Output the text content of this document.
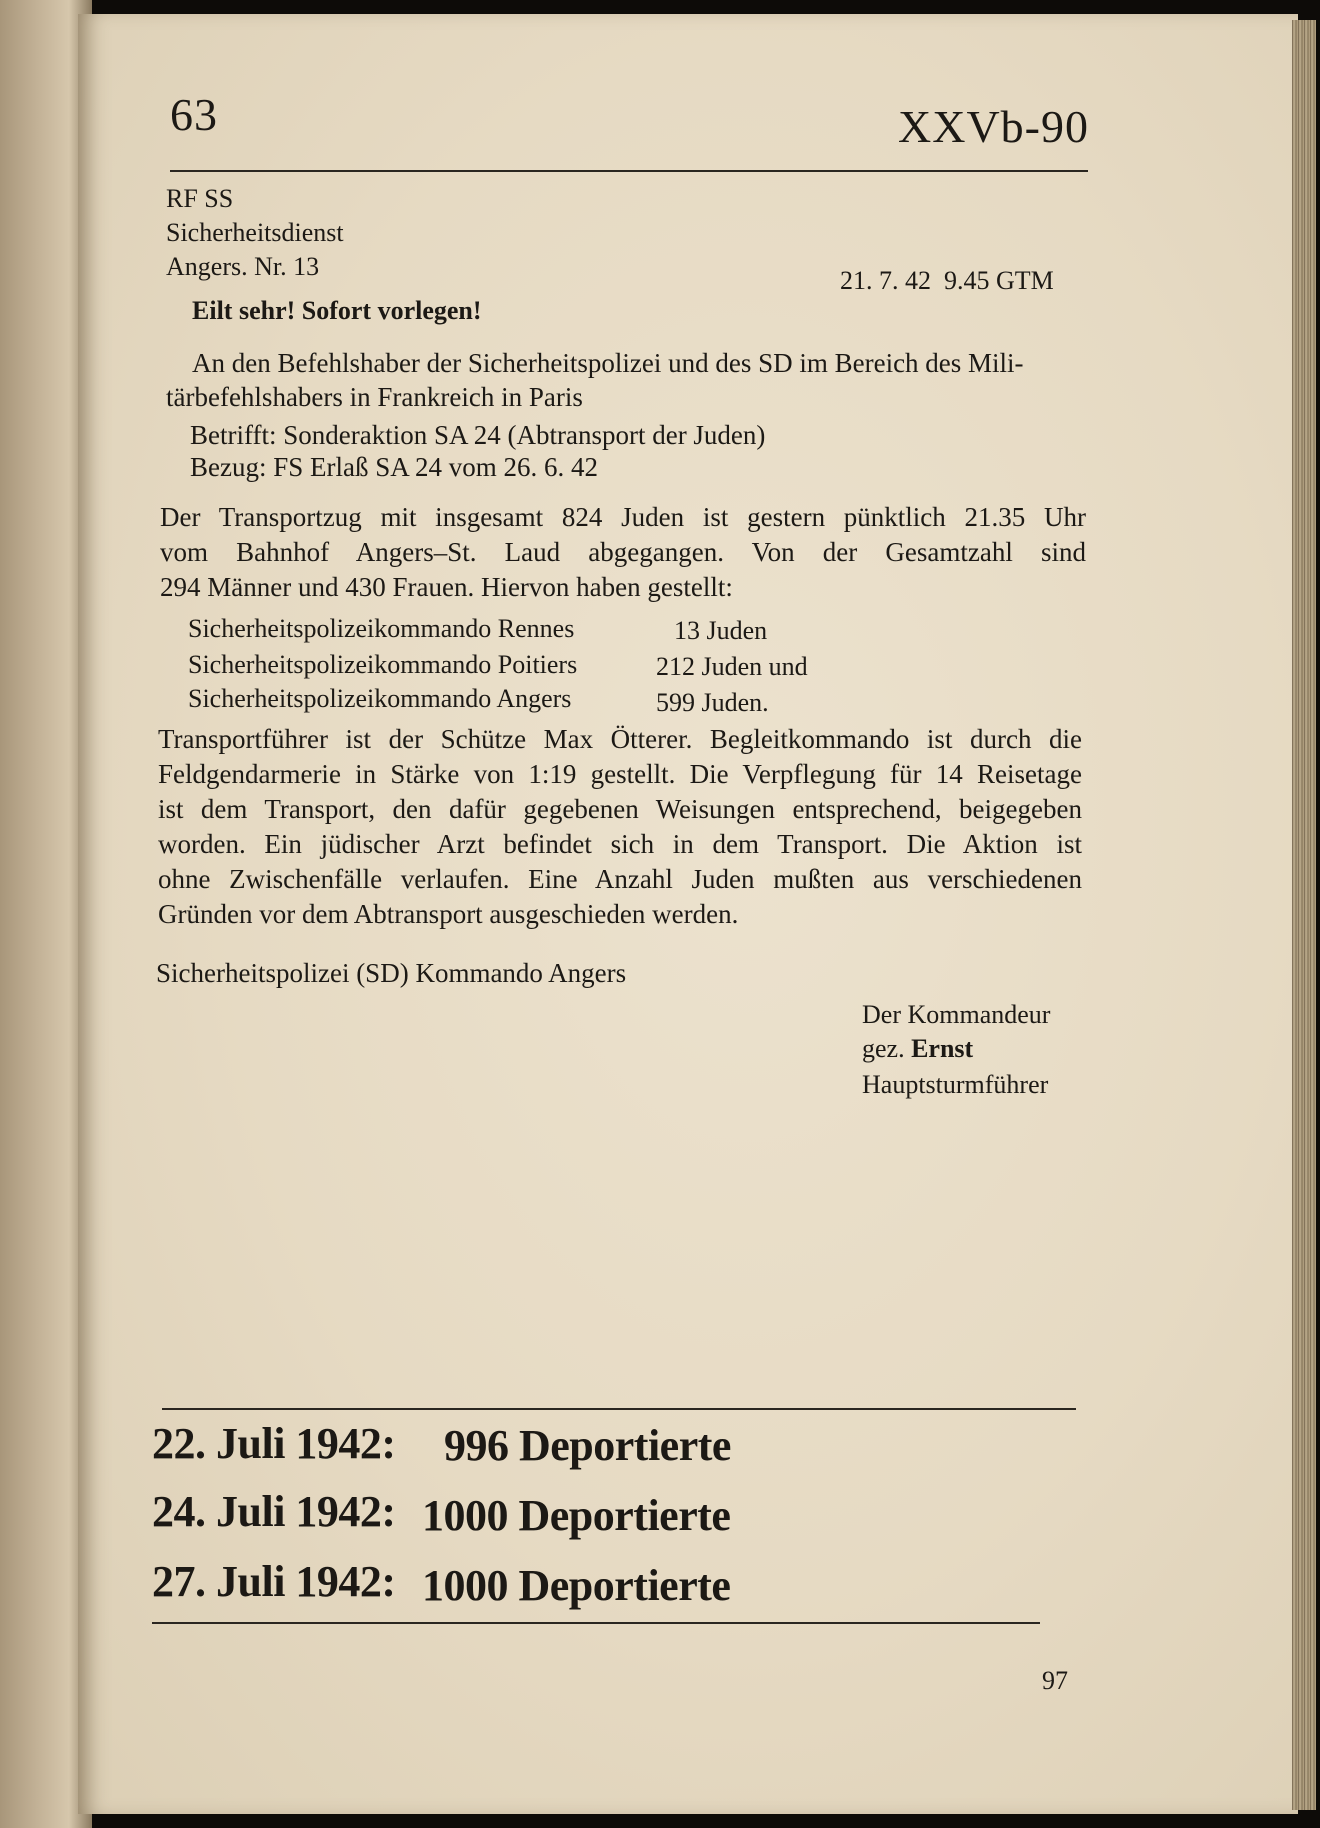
63	XXVb-90
RF SS
Sicherheitsdienst
Angers. Nr. 13	21. 7. 42  9.45 GTM
Eilt sehr! Sofort vorlegen!
An den Befehlshaber der Sicherheitspolizei und des SD im Bereich des Mili-
tärbefehlshabers in Frankreich in Paris
Betrifft: Sonderaktion SA 24 (Abtransport der Juden)
Bezug: FS Erlaß SA 24 vom 26. 6. 42
Der Transportzug mit insgesamt 824 Juden ist gestern pünktlich 21.35 Uhr
vom Bahnhof Angers–St. Laud abgegangen. Von der Gesamtzahl sind
294 Männer und 430 Frauen. Hiervon haben gestellt:
Sicherheitspolizeikommando Rennes	13 Juden
Sicherheitspolizeikommando Poitiers	212 Juden und
Sicherheitspolizeikommando Angers	599 Juden.
Transportführer ist der Schütze Max Ötterer. Begleitkommando ist durch die
Feldgendarmerie in Stärke von 1:19 gestellt. Die Verpflegung für 14 Reisetage
ist dem Transport, den dafür gegebenen Weisungen entsprechend, beigegeben
worden. Ein jüdischer Arzt befindet sich in dem Transport. Die Aktion ist
ohne Zwischenfälle verlaufen. Eine Anzahl Juden mußten aus verschiedenen
Gründen vor dem Abtransport ausgeschieden werden.
Sicherheitspolizei (SD) Kommando Angers
Der Kommandeur
gez. Ernst
Hauptsturmführer
22. Juli 1942: 996 Deportierte
24. Juli 1942: 1000 Deportierte
27. Juli 1942: 1000 Deportierte
97
